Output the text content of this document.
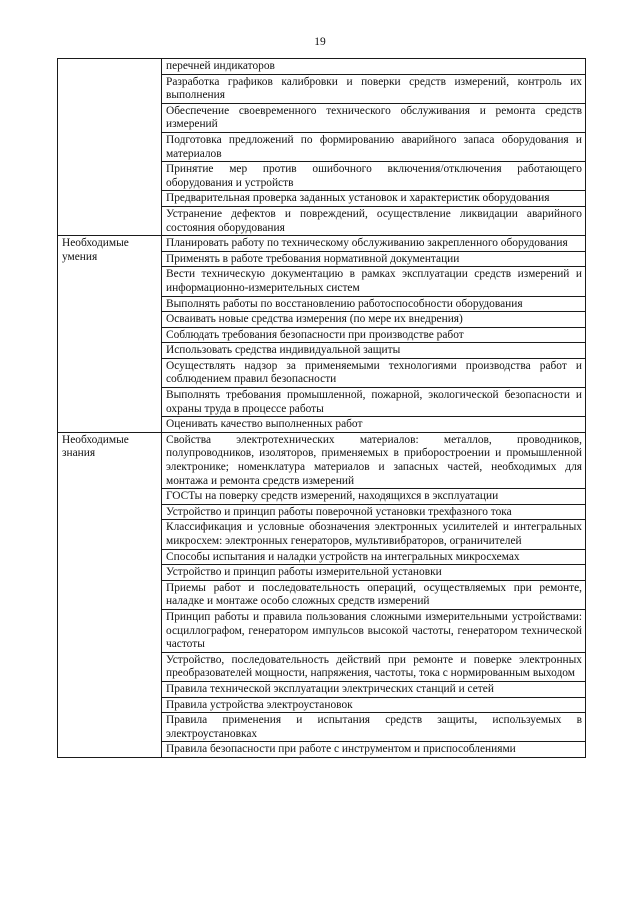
19
	перечней индикаторов
	Разработка графиков калибровки и поверки средств измерений, контроль их выполнения
	Обеспечение своевременного технического обслуживания и ремонта средств измерений
	Подготовка предложений по формированию аварийного запаса оборудования и материалов
	Принятие мер против ошибочного включения/отключения работающего оборудования и устройств
	Предварительная проверка заданных установок и характеристик оборудования
	Устранение дефектов и повреждений, осуществление ликвидации аварийного состояния оборудования
Необходимые умения	Планировать работу по техническому обслуживанию закрепленного оборудования
	Применять в работе требования нормативной документации
	Вести техническую документацию в рамках эксплуатации средств измерений и информационно-измерительных систем
	Выполнять работы по восстановлению работоспособности оборудования
	Осваивать новые средства измерения (по мере их внедрения)
	Соблюдать требования безопасности при производстве работ
	Использовать средства индивидуальной защиты
	Осуществлять надзор за применяемыми технологиями производства работ и соблюдением правил безопасности
	Выполнять требования промышленной, пожарной, экологической безопасности и охраны труда в процессе работы
	Оценивать качество выполненных работ
Необходимые знания	Свойства электротехнических материалов: металлов, проводников, полупроводников, изоляторов, применяемых в приборостроении и промышленной электронике; номенклатура материалов и запасных частей, необходимых для монтажа и ремонта средств измерений
	ГОСТы на поверку средств измерений, находящихся в эксплуатации
	Устройство и принцип работы поверочной установки трехфазного тока
	Классификация и условные обозначения электронных усилителей и интегральных микросхем: электронных генераторов, мультивибраторов, ограничителей
	Способы испытания и наладки устройств на интегральных микросхемах
	Устройство и принцип работы измерительной установки
	Приемы работ и последовательность операций, осуществляемых при ремонте, наладке и монтаже особо сложных средств измерений
	Принцип работы и правила пользования сложными измерительными устройствами: осциллографом, генератором импульсов высокой частоты, генератором технической частоты
	Устройство, последовательность действий при ремонте и поверке электронных преобразователей мощности, напряжения, частоты, тока с нормированным выходом
	Правила технической эксплуатации электрических станций и сетей
	Правила устройства электроустановок
	Правила применения и испытания средств защиты, используемых в электроустановках
	Правила безопасности при работе с инструментом и приспособлениями
